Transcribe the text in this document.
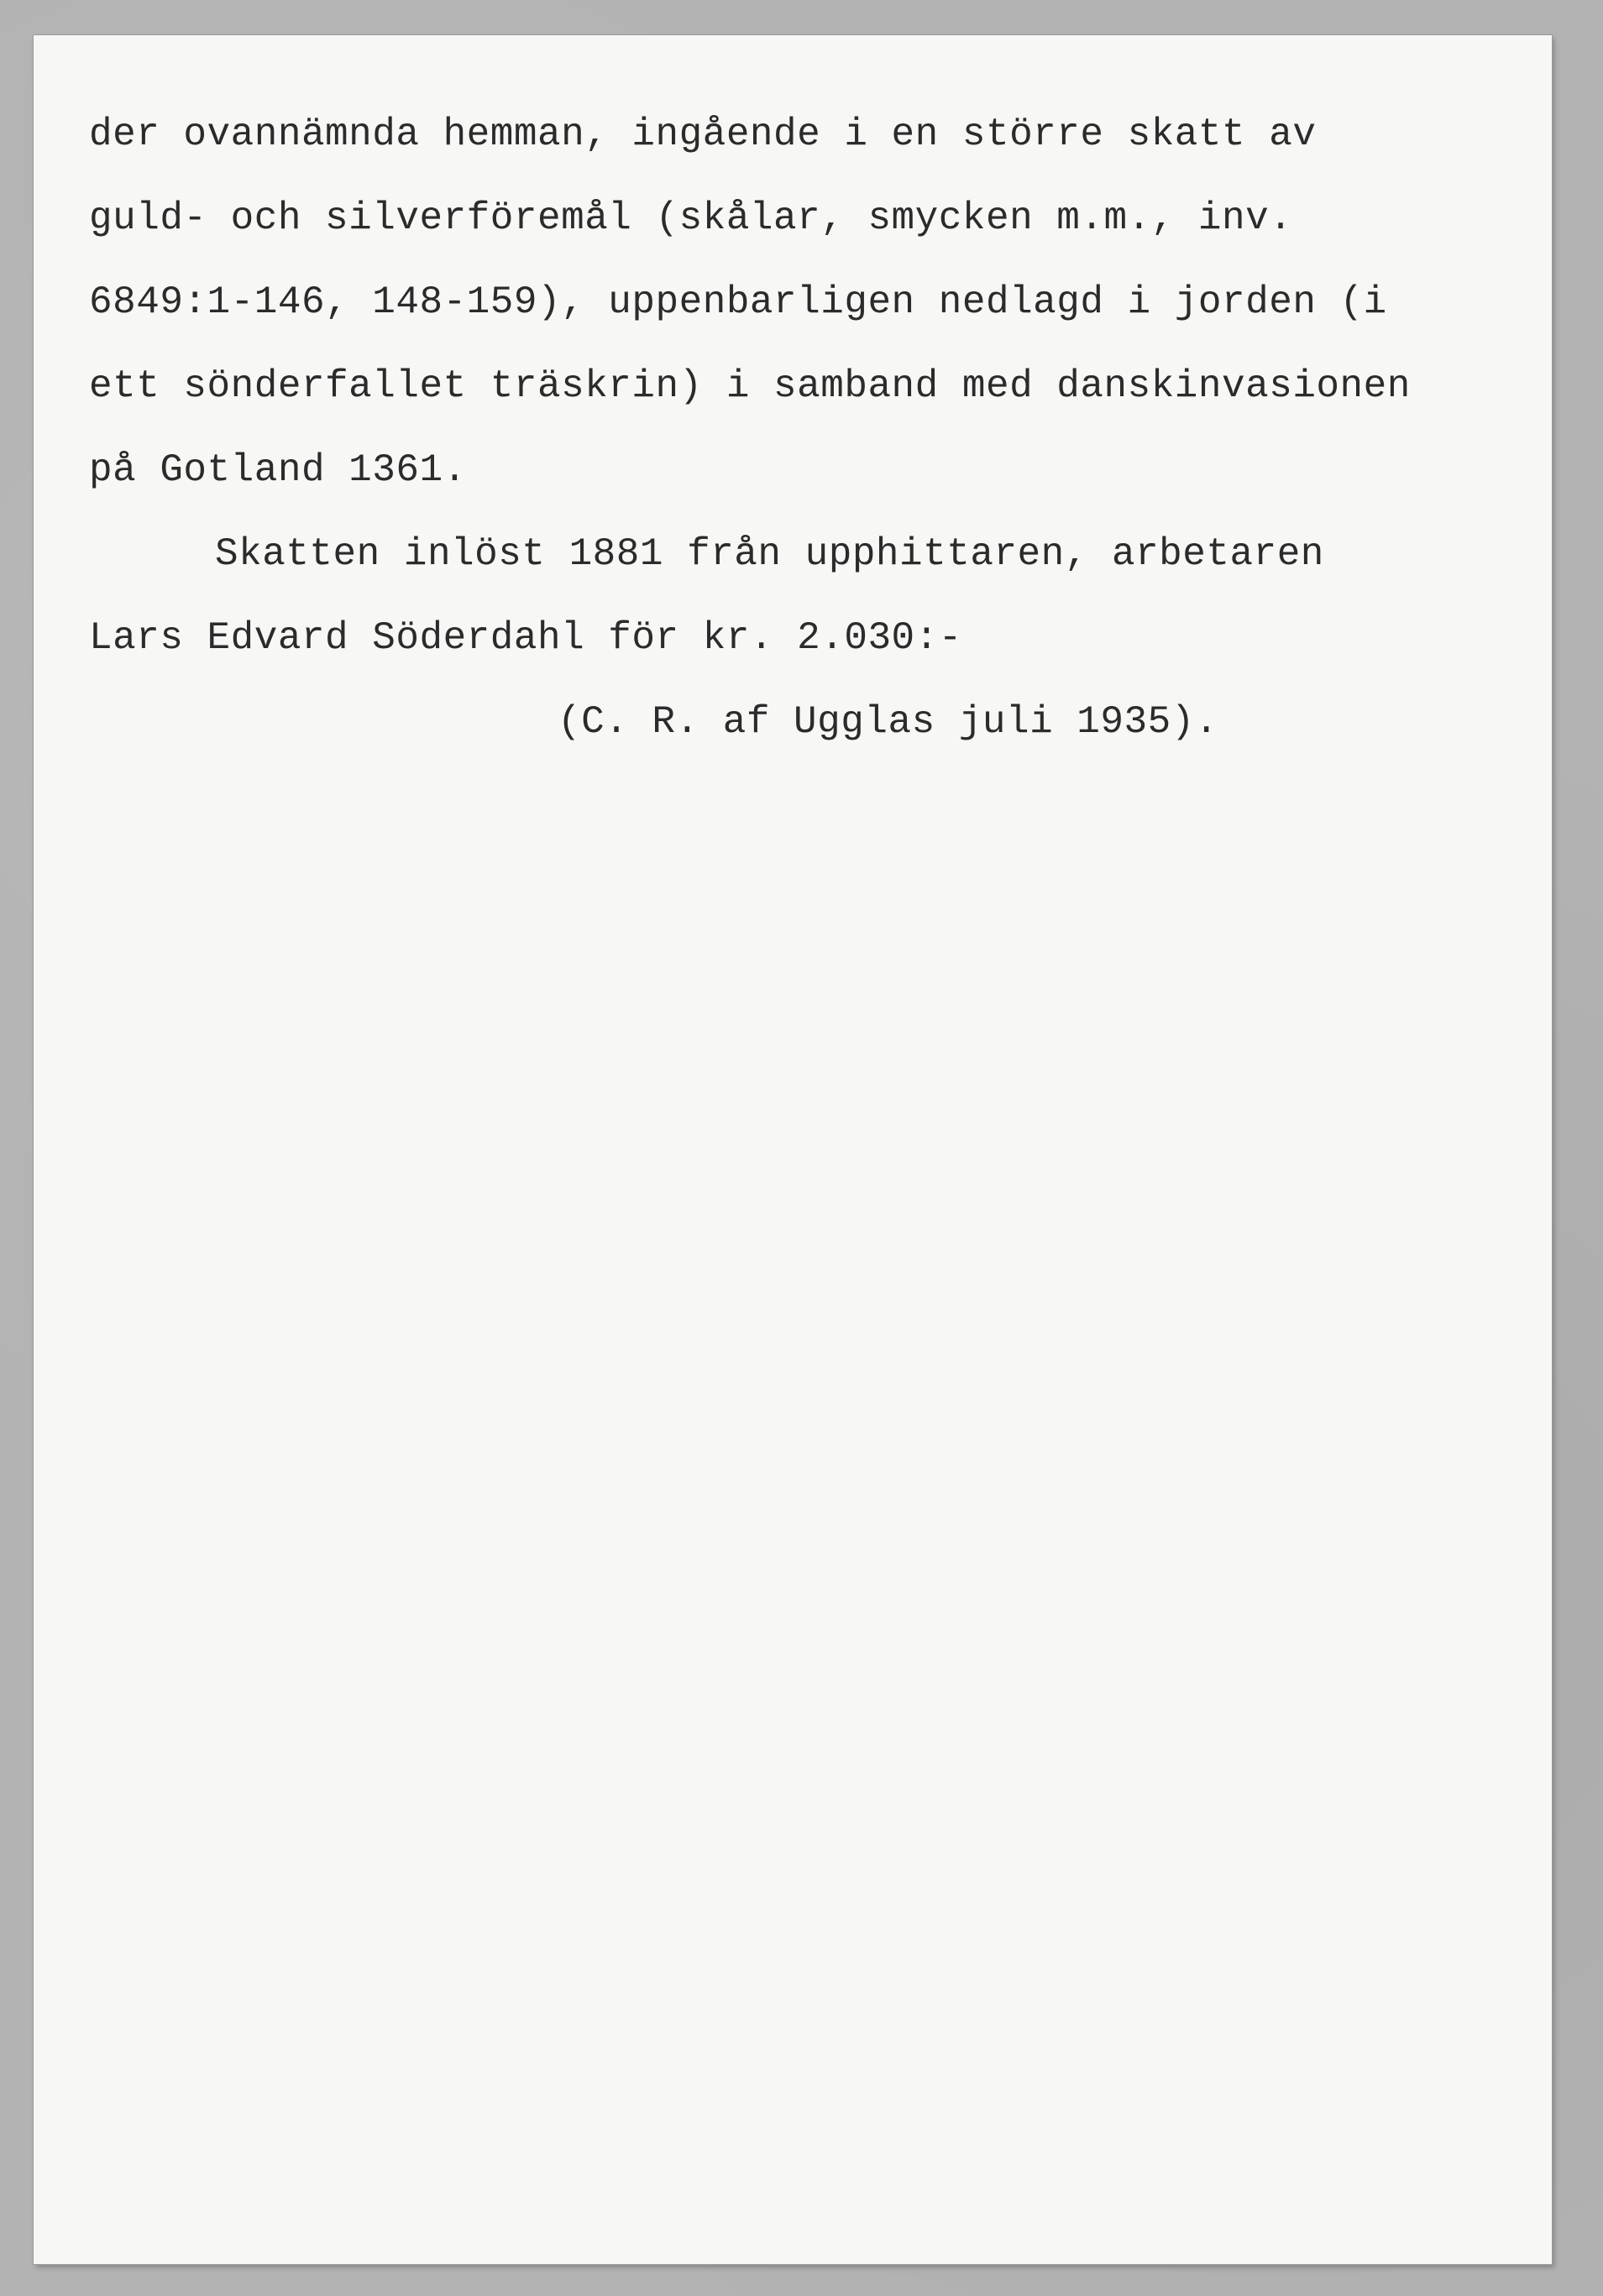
der ovannämnda hemman, ingående i en större skatt av
guld- och silverföremål (skålar, smycken m.m., inv.
6849:1-146, 148-159), uppenbarligen nedlagd i jorden (i
ett sönderfallet träskrin) i samband med danskinvasionen
på Gotland 1361.
Skatten inlöst 1881 från upphittaren, arbetaren
Lars Edvard Söderdahl för kr. 2.030:-
(C. R. af Ugglas juli 1935).
